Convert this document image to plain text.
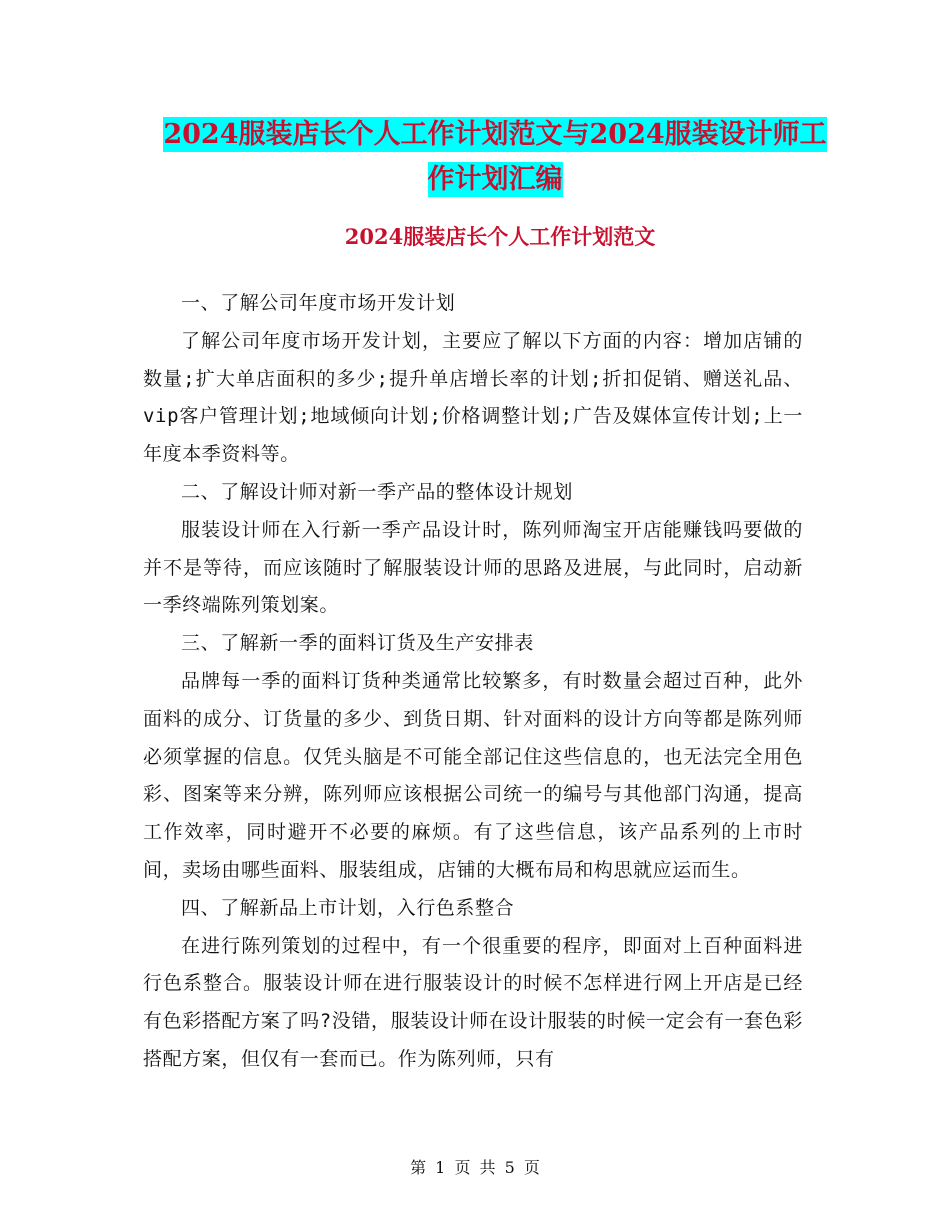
2024服装店长个人工作计划范文与2024服装设计师工
作计划汇编
2024服装店长个人工作计划范文

一、了解公司年度市场开发计划

了解公司年度市场开发计划，主要应了解以下方面的内容：增加店铺的数量;扩大单店面积的多少;提升单店增长率的计划;折扣促销、赠送礼品、vip客户管理计划;地域倾向计划;价格调整计划;广告及媒体宣传计划;上一年度本季资料等。

二、了解设计师对新一季产品的整体设计规划

服装设计师在入行新一季产品设计时，陈列师淘宝开店能赚钱吗要做的并不是等待，而应该随时了解服装设计师的思路及进展，与此同时，启动新一季终端陈列策划案。

三、了解新一季的面料订货及生产安排表

品牌每一季的面料订货种类通常比较繁多，有时数量会超过百种，此外面料的成分、订货量的多少、到货日期、针对面料的设计方向等都是陈列师必须掌握的信息。仅凭头脑是不可能全部记住这些信息的，也无法完全用色彩、图案等来分辨，陈列师应该根据公司统一的编号与其他部门沟通，提高工作效率，同时避开不必要的麻烦。有了这些信息，该产品系列的上市时间，卖场由哪些面料、服装组成，店铺的大概布局和构思就应运而生。

四、了解新品上市计划，入行色系整合

在进行陈列策划的过程中，有一个很重要的程序，即面对上百种面料进行色系整合。服装设计师在进行服装设计的时候不怎样进行网上开店是已经有色彩搭配方案了吗?没错，服装设计师在设计服装的时候一定会有一套色彩搭配方案，但仅有一套而已。作为陈列师，只有

第 1 页 共 5 页
